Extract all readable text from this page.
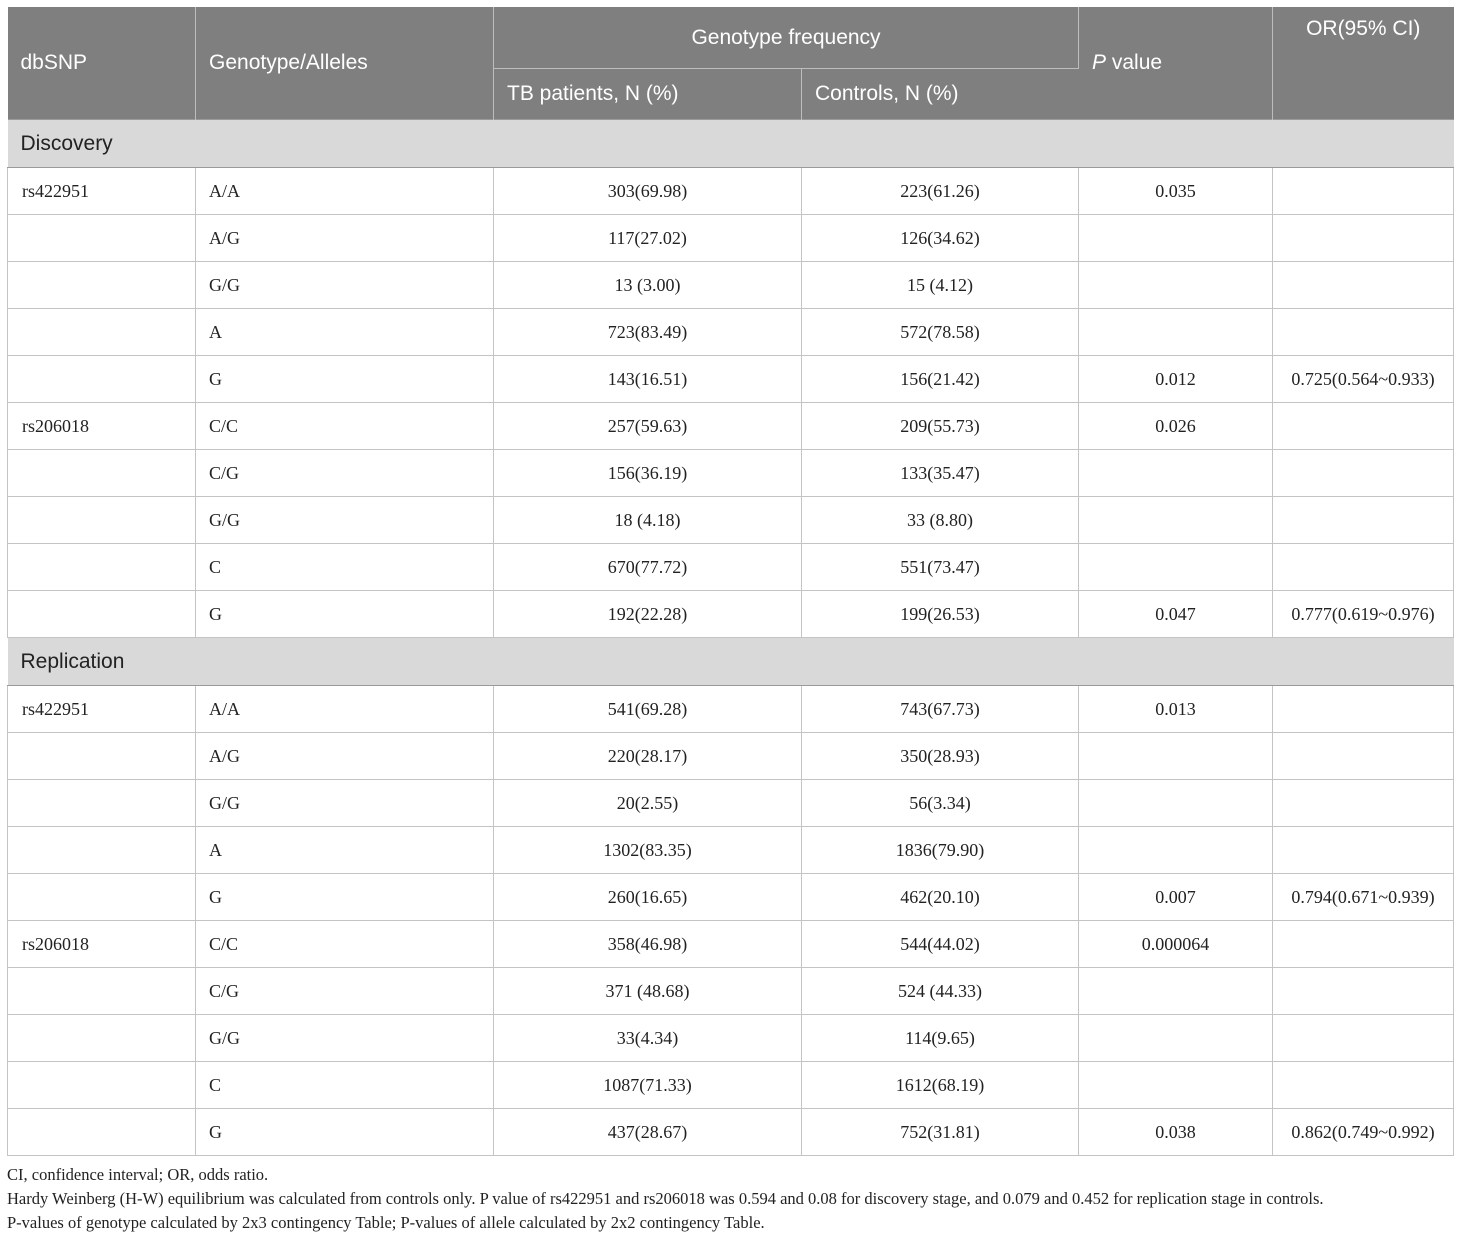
dbSNP	Genotype/Alleles	Genotype frequency		P value	OR(95% CI)
		TB patients, N (%)	Controls, N (%)		
Discovery					
rs422951	A/A	303(69.98)	223(61.26)	0.035	
	A/G	117(27.02)	126(34.62)		
	G/G	13 (3.00)	15 (4.12)		
	A	723(83.49)	572(78.58)		
	G	143(16.51)	156(21.42)	0.012	0.725(0.564~0.933)
rs206018	C/C	257(59.63)	209(55.73)	0.026	
	C/G	156(36.19)	133(35.47)		
	G/G	18 (4.18)	33 (8.80)		
	C	670(77.72)	551(73.47)		
	G	192(22.28)	199(26.53)	0.047	0.777(0.619~0.976)
Replication					
rs422951	A/A	541(69.28)	743(67.73)	0.013	
	A/G	220(28.17)	350(28.93)		
	G/G	20(2.55)	56(3.34)		
	A	1302(83.35)	1836(79.90)		
	G	260(16.65)	462(20.10)	0.007	0.794(0.671~0.939)
rs206018	C/C	358(46.98)	544(44.02)	0.000064	
	C/G	371 (48.68)	524 (44.33)		
	G/G	33(4.34)	114(9.65)		
	C	1087(71.33)	1612(68.19)		
	G	437(28.67)	752(31.81)	0.038	0.862(0.749~0.992)

CI, confidence interval; OR, odds ratio.

Hardy Weinberg (H-W) equilibrium was calculated from controls only. P value of rs422951 and rs206018 was 0.594 and 0.08 for discovery stage, and 0.079 and 0.452 for replication stage in controls.

P-values of genotype calculated by 2x3 contingency Table; P-values of allele calculated by 2x2 contingency Table.
